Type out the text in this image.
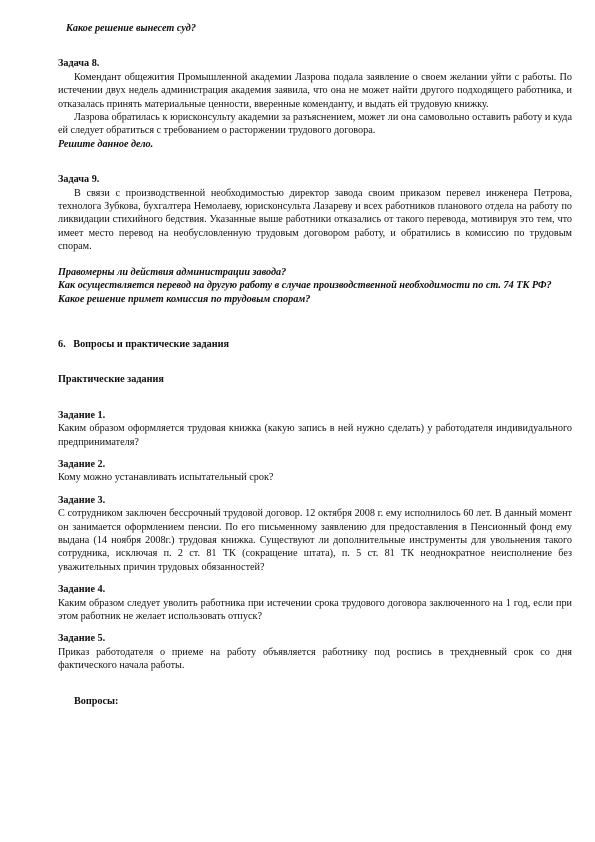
Какое решение вынесет суд?

Задача 8.

Комендант общежития Промышленной академии Лазрова подала заявление о своем желании уйти с работы. По истечении двух недель администрация академия заявила, что она не может найти другого подходящего работника, и отказалась принять материальные ценности, вверенные коменданту, и выдать ей трудовую книжку.

Лазрова обратилась к юрисконсульту академии за разъяснением, может ли она самовольно оставить работу и куда ей следует обратиться с требованием о расторжении трудового договора.

Решите данное дело.

Задача 9.

В связи с производственной необходимостью директор завода своим приказом перевел инженера Петрова, технолога Зубкова, бухгалтера Немолаеву, юрисконсульта Лазареву и всех работников планового отдела на работу по ликвидации стихийного бедствия. Указанные выше работники отказались от такого перевода, мотивируя это тем, что имеет место перевод на необусловленную трудовым договором работу, и обратились в комиссию по трудовым спорам.

Правомерны ли действия администрации завода?

Как осуществляется перевод на другую работу в случае производственной необходимости по ст. 74 ТК РФ?

Какое решение примет комиссия по трудовым спорам?

6. Вопросы и практические задания

Практические задания

Задание 1.

Каким образом оформляется трудовая книжка (какую запись в ней нужно сделать) у работодателя индивидуального предпринимателя?

Задание 2.

Кому можно устанавливать испытательный срок?

Задание 3.

С сотрудником заключен бессрочный трудовой договор. 12 октября 2008 г. ему исполнилось 60 лет. В данный момент он занимается оформлением пенсии. По его письменному заявлению для предоставления в Пенсионный фонд ему выдана (14 ноября 2008г.) трудовая книжка. Существуют ли дополнительные инструменты для увольнения такого сотрудника, исключая п. 2 ст. 81 ТК (сокращение штата), п. 5 ст. 81 ТК неоднократное неисполнение без уважительных причин трудовых обязанностей?

Задание 4.

Каким образом следует уволить работника при истечении срока трудового договора заключенного на 1 год, если при этом работник не желает использовать отпуск?

Задание 5.

Приказ работодателя о приеме на работу объявляется работнику под роспись в трехдневный срок со дня фактического начала работы.

Вопросы:
